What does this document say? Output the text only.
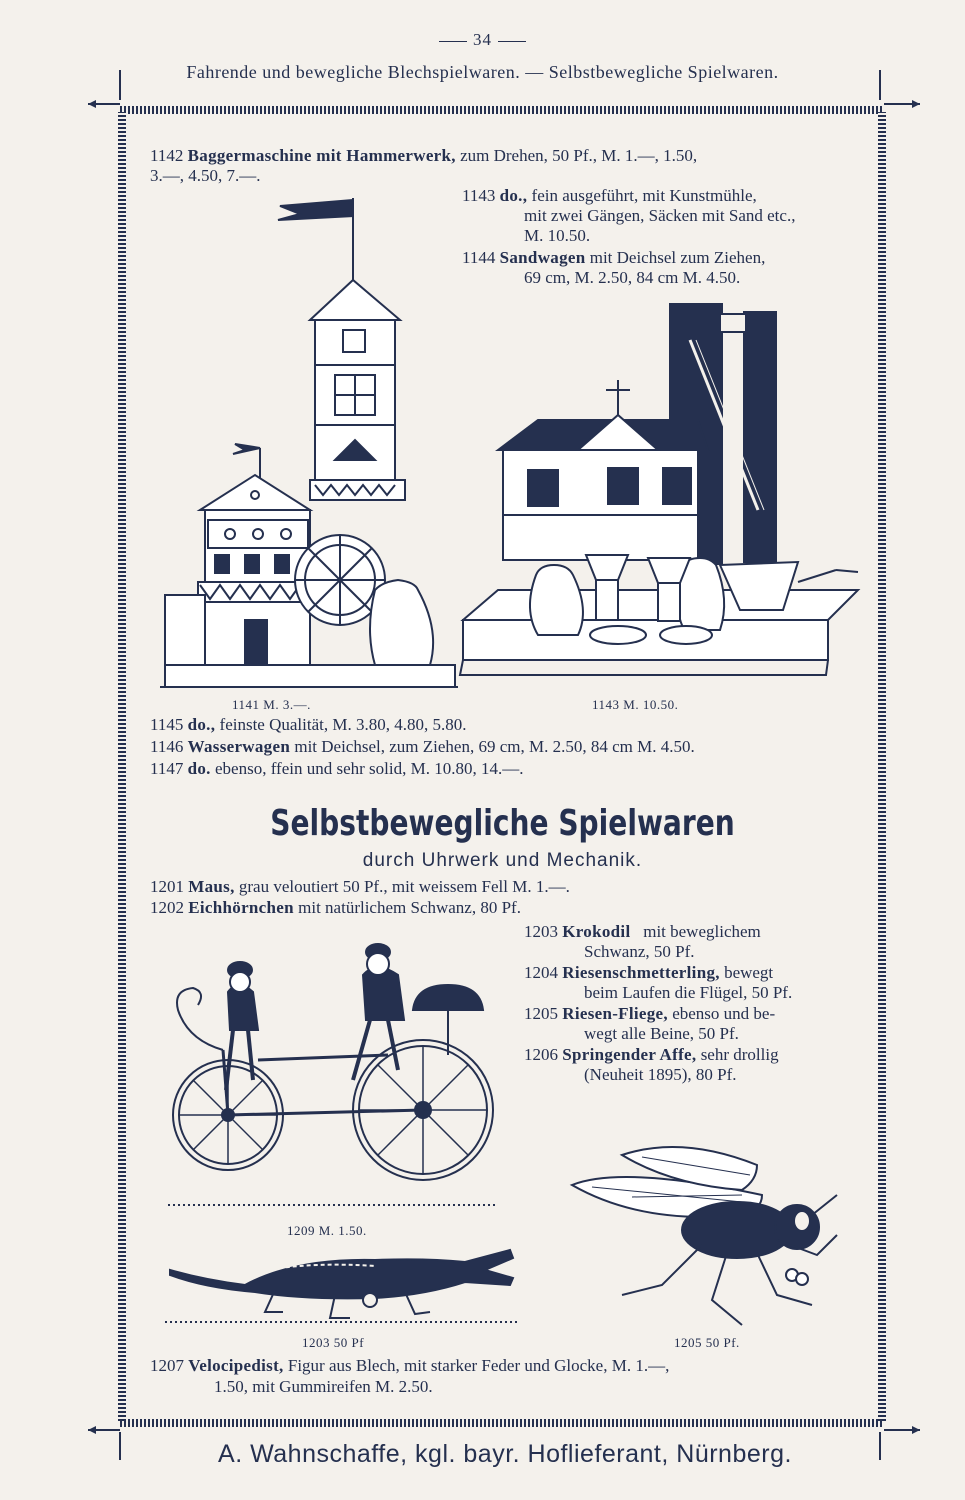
34
Fahrende und bewegliche Blechspielwaren. — Selbstbewegliche Spielwaren.
1142 Baggermaschine mit Hammerwerk, zum Drehen, 50 Pf., M. 1.—, 1.50,
3.—, 4.50, 7.—.
1143 do., fein ausgeführt, mit Kunstmühle,
mit zwei Gängen, Säcken mit Sand etc.,
M. 10.50.
1144 Sandwagen mit Deichsel zum Ziehen,
69 cm, M. 2.50, 84 cm M. 4.50.
1141 M. 3.—.	1143 M. 10.50.
1145 do., feinste Qualität, M. 3.80, 4.80, 5.80.
1146 Wasserwagen mit Deichsel, zum Ziehen, 69 cm, M. 2.50, 84 cm M. 4.50.
1147 do. ebenso, ffein und sehr solid, M. 10.80, 14.—.
Selbstbewegliche Spielwaren
durch Uhrwerk und Mechanik.
1201 Maus, grau veloutiert 50 Pf., mit weissem Fell M. 1.—.
1202 Eichhörnchen mit natürlichem Schwanz, 80 Pf.
1203 Krokodil mit beweglichem
Schwanz, 50 Pf.
1204 Riesenschmetterling, bewegt
beim Laufen die Flügel, 50 Pf.
1205 Riesen-Fliege, ebenso und be-
wegt alle Beine, 50 Pf.
1206 Springender Affe, sehr drollig
(Neuheit 1895), 80 Pf.
1209 M. 1.50.
1203 50 Pf	1205 50 Pf.
1207 Velocipedist, Figur aus Blech, mit starker Feder und Glocke, M. 1.—,
1.50, mit Gummireifen M. 2.50.
A. Wahnschaffe, kgl. bayr. Hoflieferant, Nürnberg.
